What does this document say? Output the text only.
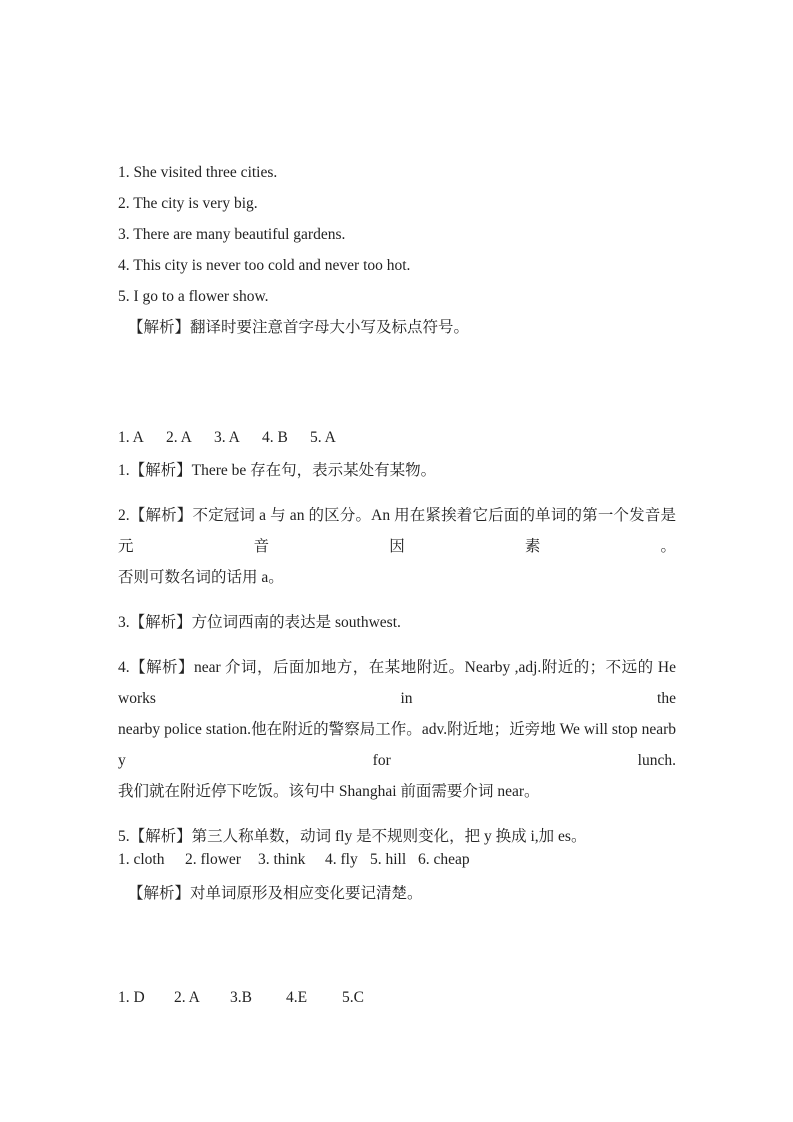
1. She visited three cities.
2. The city is very big.
3. There are many beautiful gardens.
4. This city is never too cold and never too hot.
5. I go to a flower show.
【解析】翻译时要注意首字母大小写及标点符号。
1. A 2. A 3. A 4. B 5. A
1.【解析】There be 存在句，表示某处有某物。
2.【解析】不定冠词 a 与 an 的区分。An 用在紧挨着它后面的单词的第一个发音是元音因素。
否则可数名词的话用 a。
3.【解析】方位词西南的表达是 southwest.
4.【解析】near 介词，后面加地方，在某地附近。Nearby ,adj.附近的；不远的 He works in the
nearby police station.他在附近的警察局工作。adv.附近地；近旁地 We will stop nearby for lunch.
我们就在附近停下吃饭。该句中 Shanghai 前面需要介词 near。
5.【解析】第三人称单数，动词 fly 是不规则变化，把 y 换成 i,加 es。
1. cloth 2. flower 3. think 4. fly 5. hill 6. cheap
【解析】对单词原形及相应变化要记清楚。
1. D 2. A 3.B 4.E 5.C
